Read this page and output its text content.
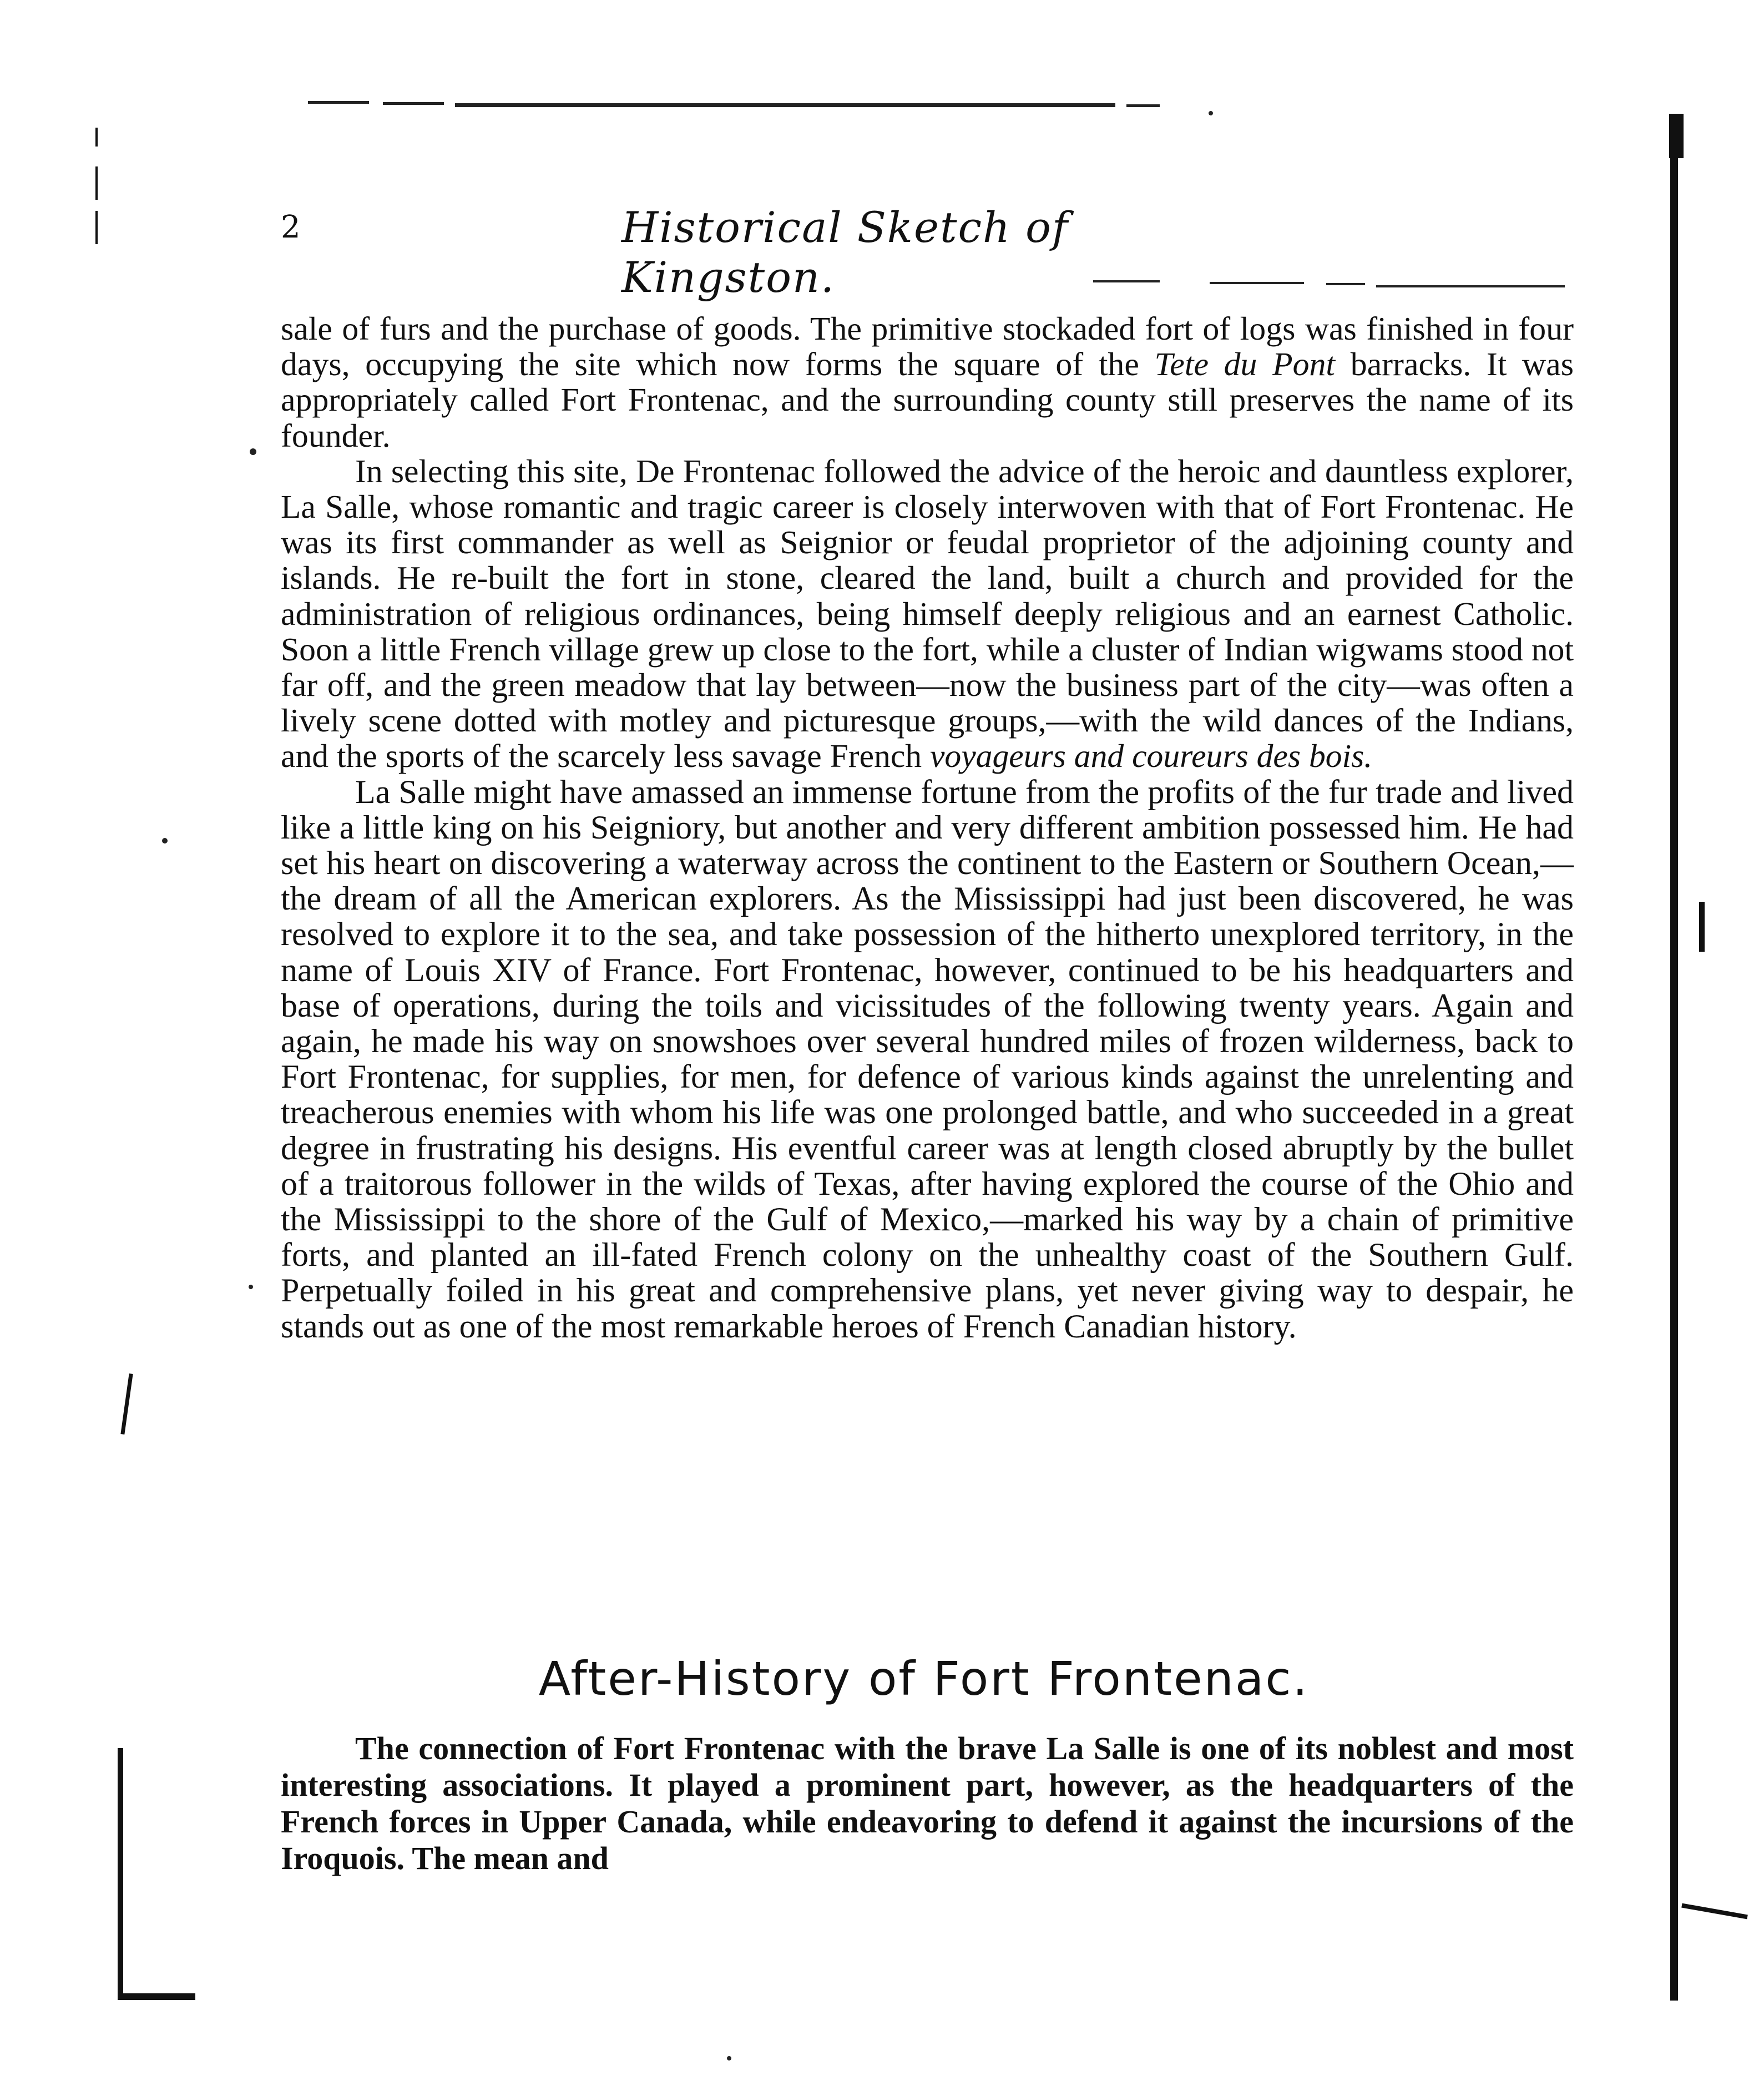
2	Historical Sketch of Kingston.

sale of furs and the purchase of goods. The primitive stockaded fort of logs was finished in four days, occupying the site which now forms the square of the Tete du Pont barracks. It was appropriately called Fort Frontenac, and the surrounding county still preserves the name of its founder.

In selecting this site, De Frontenac followed the advice of the heroic and dauntless explorer, La Salle, whose romantic and tragic career is closely interwoven with that of Fort Frontenac. He was its first commander as well as Seignior or feudal proprietor of the adjoining county and islands. He re-built the fort in stone, cleared the land, built a church and provided for the administration of religious ordinances, being himself deeply religious and an earnest Catholic. Soon a little French village grew up close to the fort, while a cluster of Indian wigwams stood not far off, and the green meadow that lay between—now the business part of the city—was often a lively scene dotted with motley and picturesque groups,—with the wild dances of the Indians, and the sports of the scarcely less savage French voyageurs and coureurs des bois.

La Salle might have amassed an immense fortune from the profits of the fur trade and lived like a little king on his Seigniory, but another and very different ambition possessed him. He had set his heart on discovering a waterway across the continent to the Eastern or Southern Ocean,—the dream of all the American explorers. As the Mississippi had just been discovered, he was resolved to explore it to the sea, and take possession of the hitherto unexplored territory, in the name of Louis XIV of France. Fort Frontenac, however, continued to be his headquarters and base of operations, during the toils and vicissitudes of the following twenty years. Again and again, he made his way on snowshoes over several hundred miles of frozen wilderness, back to Fort Frontenac, for supplies, for men, for defence of various kinds against the unrelenting and treacherous enemies with whom his life was one prolonged battle, and who succeeded in a great degree in frustrating his designs. His eventful career was at length closed abruptly by the bullet of a traitorous follower in the wilds of Texas, after having explored the course of the Ohio and the Mississippi to the shore of the Gulf of Mexico,—marked his way by a chain of primitive forts, and planted an ill-fated French colony on the unhealthy coast of the Southern Gulf. Perpetually foiled in his great and comprehensive plans, yet never giving way to despair, he stands out as one of the most remarkable heroes of French Canadian history.

After-History of Fort Frontenac.
The connection of Fort Frontenac with the brave La Salle is one of its noblest and most interesting associations. It played a prominent part, however, as the headquarters of the French forces in Upper Canada, while endeavoring to defend it against the incursions of the Iroquois. The mean and
